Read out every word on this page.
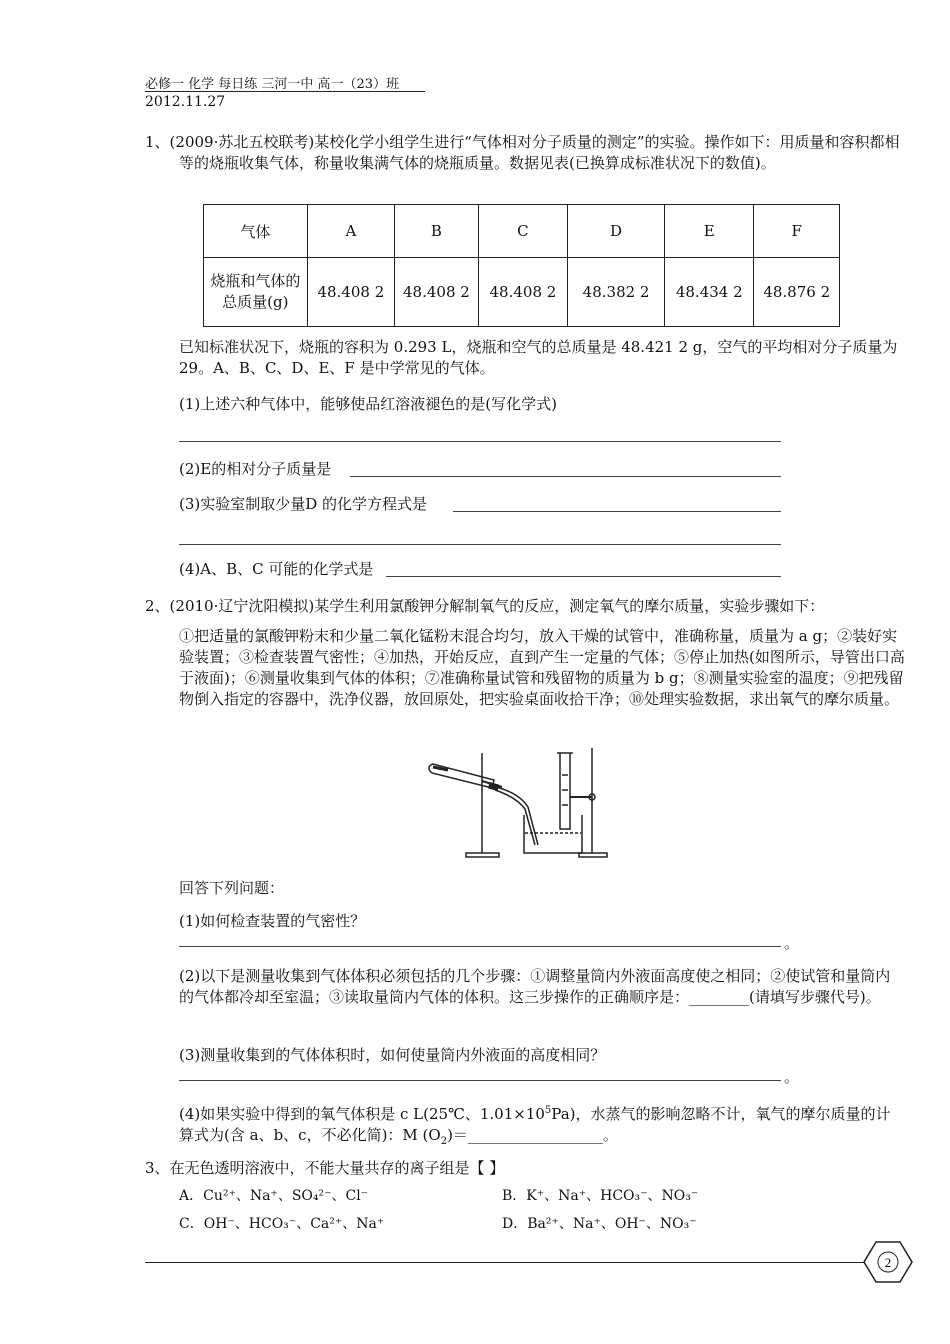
必修一 化学 每日练 三河一中 高一（23）班
2012.11.27
1、(2009·苏北五校联考)某校化学小组学生进行“气体相对分子质量的测定”的实验。操作如下：用质量和容积都相等的烧瓶收集气体，称量收集满气体的烧瓶质量。数据见表(已换算成标准状况下的数值)。
气体	A	B	C	D	E	F
烧瓶和气体的总质量(g)	48.408 2	48.408 2	48.408 2	48.382 2	48.434 2	48.876 2
已知标准状况下，烧瓶的容积为 0.293 L，烧瓶和空气的总质量是 48.421 2 g，空气的平均相对分子质量为 29。A、B、C、D、E、F 是中学常见的气体。
(1)上述六种气体中，能够使品红溶液褪色的是(写化学式)
(2)E的相对分子质量是
(3)实验室制取少量D 的化学方程式是
(4)A、B、C 可能的化学式是
2、(2010·辽宁沈阳模拟)某学生利用氯酸钾分解制氧气的反应，测定氧气的摩尔质量，实验步骤如下：
①把适量的氯酸钾粉末和少量二氧化锰粉末混合均匀，放入干燥的试管中，准确称量，质量为 a g；②装好实验装置；③检查装置气密性；④加热，开始反应，直到产生一定量的气体；⑤停止加热(如图所示，导管出口高于液面)；⑥测量收集到气体的体积；⑦准确称量试管和残留物的质量为 b g；⑧测量实验室的温度；⑨把残留物倒入指定的容器中，洗净仪器，放回原处，把实验桌面收拾干净；⑩处理实验数据，求出氧气的摩尔质量。
回答下列问题：
(1)如何检查装置的气密性？
。
(2)以下是测量收集到气体体积必须包括的几个步骤：①调整量筒内外液面高度使之相同；②使试管和量筒内的气体都冷却至室温；③读取量筒内气体的体积。这三步操作的正确顺序是：________(请填写步骤代号)。
(3)测量收集到的气体体积时，如何使量筒内外液面的高度相同？
。
(4)如果实验中得到的氧气体积是 c L(25℃、$1.01\times 10^5Pa$)，水蒸气的影响忽略不计，氧气的摩尔质量的计算式为(含 a、b、c，不必化简)：M $(O_2)=\_\_\_\_\_\_\_\_\_\_\_\_\_\_\_\_\_\_$。
3、在无色透明溶液中，不能大量共存的离子组是【 】
A．Cu²⁺、Na⁺、SO₄²⁻、Cl⁻	B．K⁺、Na⁺、HCO₃⁻、NO₃⁻
C．OH⁻、HCO₃⁻、Ca²⁺、Na⁺	D．Ba²⁺、Na⁺、OH⁻、NO₃⁻
2
